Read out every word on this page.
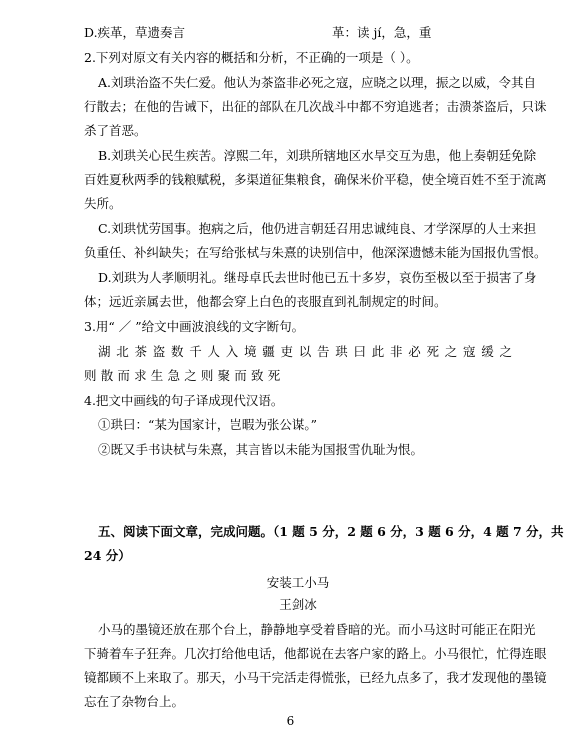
D.疾革，草遗奏言	革：读 jí，急，重
2.下列对原文有关内容的概括和分析，不正确的一项是（ ）。
A.刘珙治盗不失仁爱。他认为茶盗非必死之寇，应晓之以理，振之以威，令其自
行散去；在他的告诫下，出征的部队在几次战斗中都不穷追逃者；击溃茶盗后，只诛
杀了首恶。
B.刘珙关心民生疾苦。淳熙二年，刘珙所辖地区水旱交互为患，他上奏朝廷免除
百姓夏秋两季的钱粮赋税，多渠道征集粮食，确保米价平稳，使全境百姓不至于流离
失所。
C.刘珙忧劳国事。抱病之后，他仍进言朝廷召用忠诚纯良、才学深厚的人士来担
负重任、补纠缺失；在写给张栻与朱熹的诀别信中，他深深遗憾未能为国报仇雪恨。
D.刘珙为人孝顺明礼。继母卓氏去世时他已五十多岁，哀伤至极以至于损害了身
体；远近亲属去世，他都会穿上白色的丧服直到礼制规定的时间。
3.用“ ／ ”给文中画波浪线的文字断句。
湖北茶盗数千人入境疆吏以告珙曰此非必死之寇缓之
则散而求生急之则聚而致死
4.把文中画线的句子译成现代汉语。
①珙曰：“某为国家计，岂暇为张公谋。”
②既又手书诀栻与朱熹，其言皆以未能为国报雪仇耻为恨。
五、阅读下面文章，完成问题。（1 题 5 分，2 题 6 分，3 题 6 分，4 题 7 分，共
24 分）
安装工小马
王剑冰
小马的墨镜还放在那个台上，静静地享受着昏暗的光。而小马这时可能正在阳光
下骑着车子狂奔。几次打给他电话，他都说在去客户家的路上。小马很忙，忙得连眼
镜都顾不上来取了。那天，小马干完活走得慌张，已经九点多了，我才发现他的墨镜
忘在了杂物台上。
6
